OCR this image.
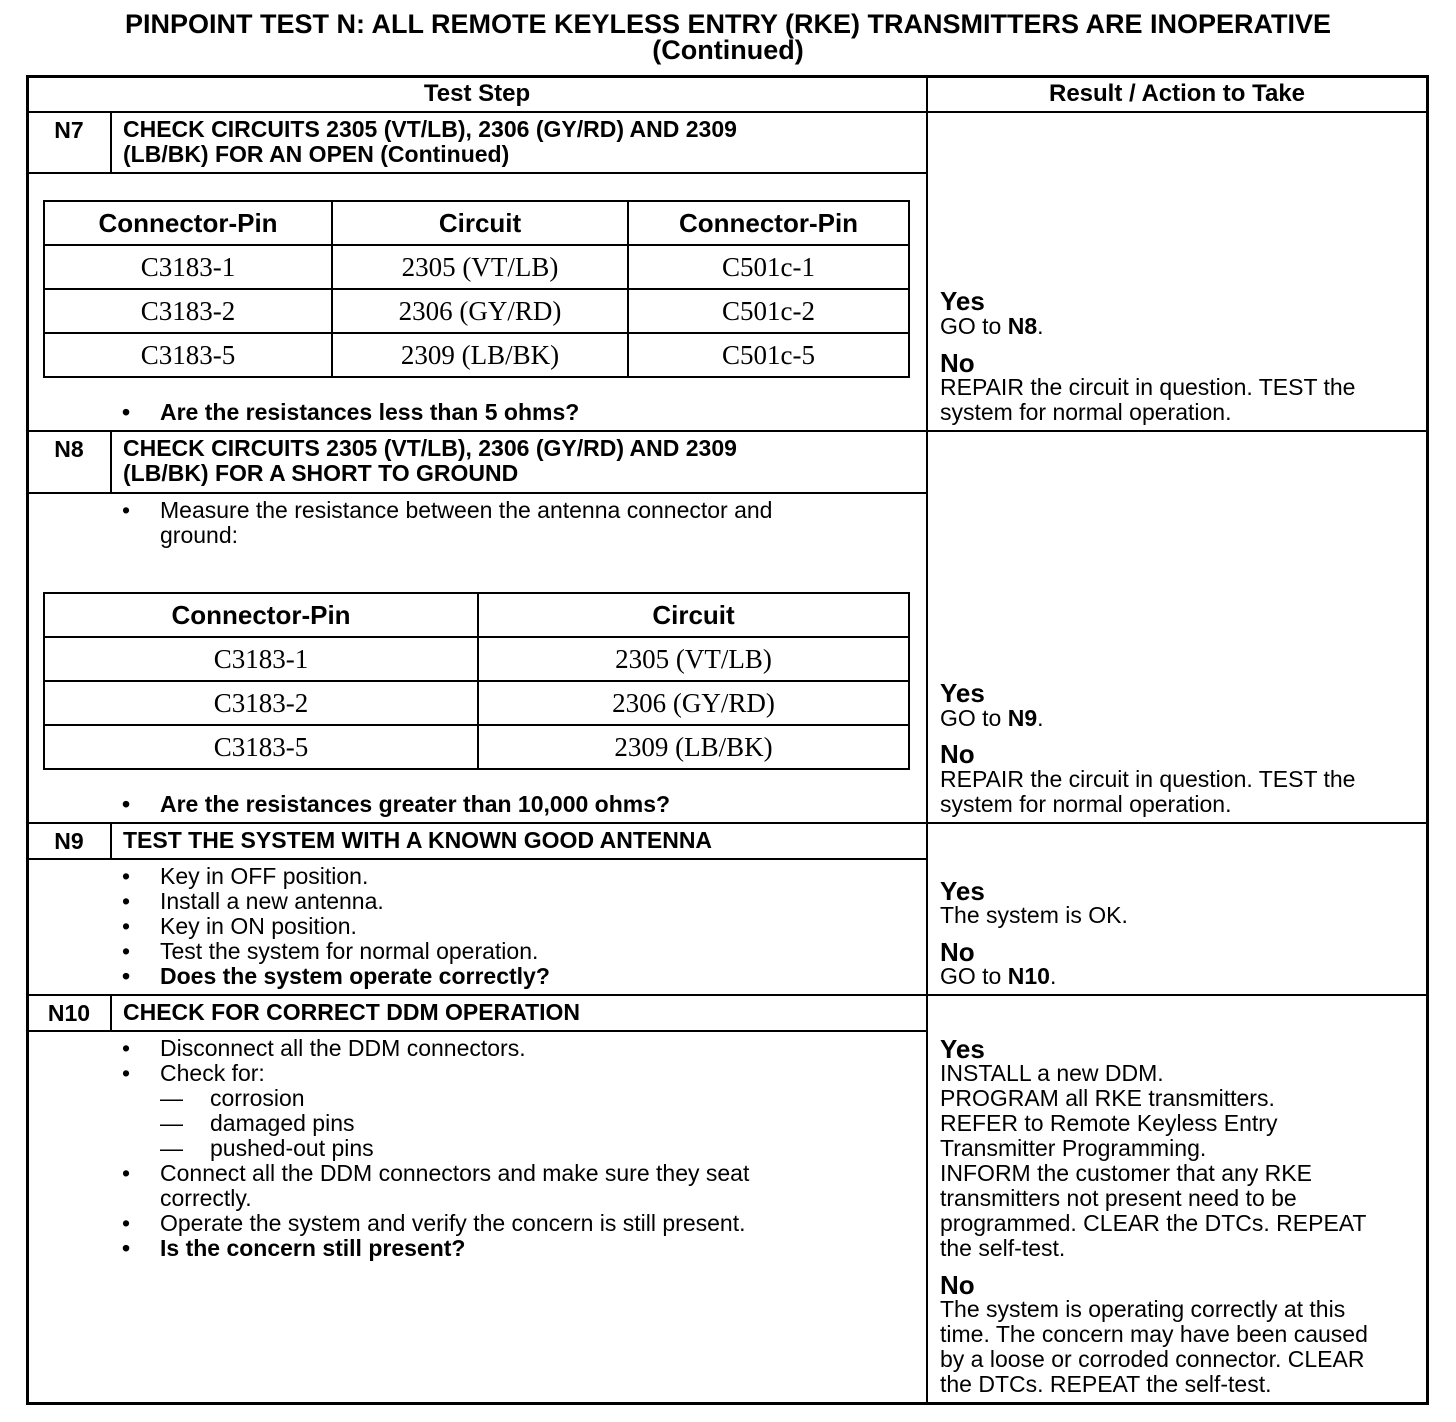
PINPOINT TEST N: ALL REMOTE KEYLESS ENTRY (RKE) TRANSMITTERS ARE INOPERATIVE
(Continued)
Test Step	Result / Action to Take
N7	CHECK CIRCUITS 2305 (VT/LB), 2306 (GY/RD) AND 2309
(LB/BK) FOR AN OPEN (Continued)
Connector-Pin	Circuit	Connector-Pin
C3183-1	2305 (VT/LB)	C501c-1
C3183-2	2306 (GY/RD)	C501c-2
C3183-5	2309 (LB/BK)	C501c-5
• Are the resistances less than 5 ohms?
Yes
GO to N8.
No
REPAIR the circuit in question. TEST the
system for normal operation.
N8	CHECK CIRCUITS 2305 (VT/LB), 2306 (GY/RD) AND 2309
(LB/BK) FOR A SHORT TO GROUND
• Measure the resistance between the antenna connector and
ground:
Connector-Pin	Circuit
C3183-1	2305 (VT/LB)
C3183-2	2306 (GY/RD)
C3183-5	2309 (LB/BK)
• Are the resistances greater than 10,000 ohms?
Yes
GO to N9.
No
REPAIR the circuit in question. TEST the
system for normal operation.
N9	TEST THE SYSTEM WITH A KNOWN GOOD ANTENNA
• Key in OFF position.
• Install a new antenna.
• Key in ON position.
• Test the system for normal operation.
• Does the system operate correctly?
Yes
The system is OK.
No
GO to N10.
N10	CHECK FOR CORRECT DDM OPERATION
• Disconnect all the DDM connectors.
• Check for:
— corrosion
— damaged pins
— pushed-out pins
• Connect all the DDM connectors and make sure they seat
correctly.
• Operate the system and verify the concern is still present.
• Is the concern still present?
Yes
INSTALL a new DDM.
PROGRAM all RKE transmitters.
REFER to Remote Keyless Entry
Transmitter Programming.
INFORM the customer that any RKE
transmitters not present need to be
programmed. CLEAR the DTCs. REPEAT
the self-test.
No
The system is operating correctly at this
time. The concern may have been caused
by a loose or corroded connector. CLEAR
the DTCs. REPEAT the self-test.
